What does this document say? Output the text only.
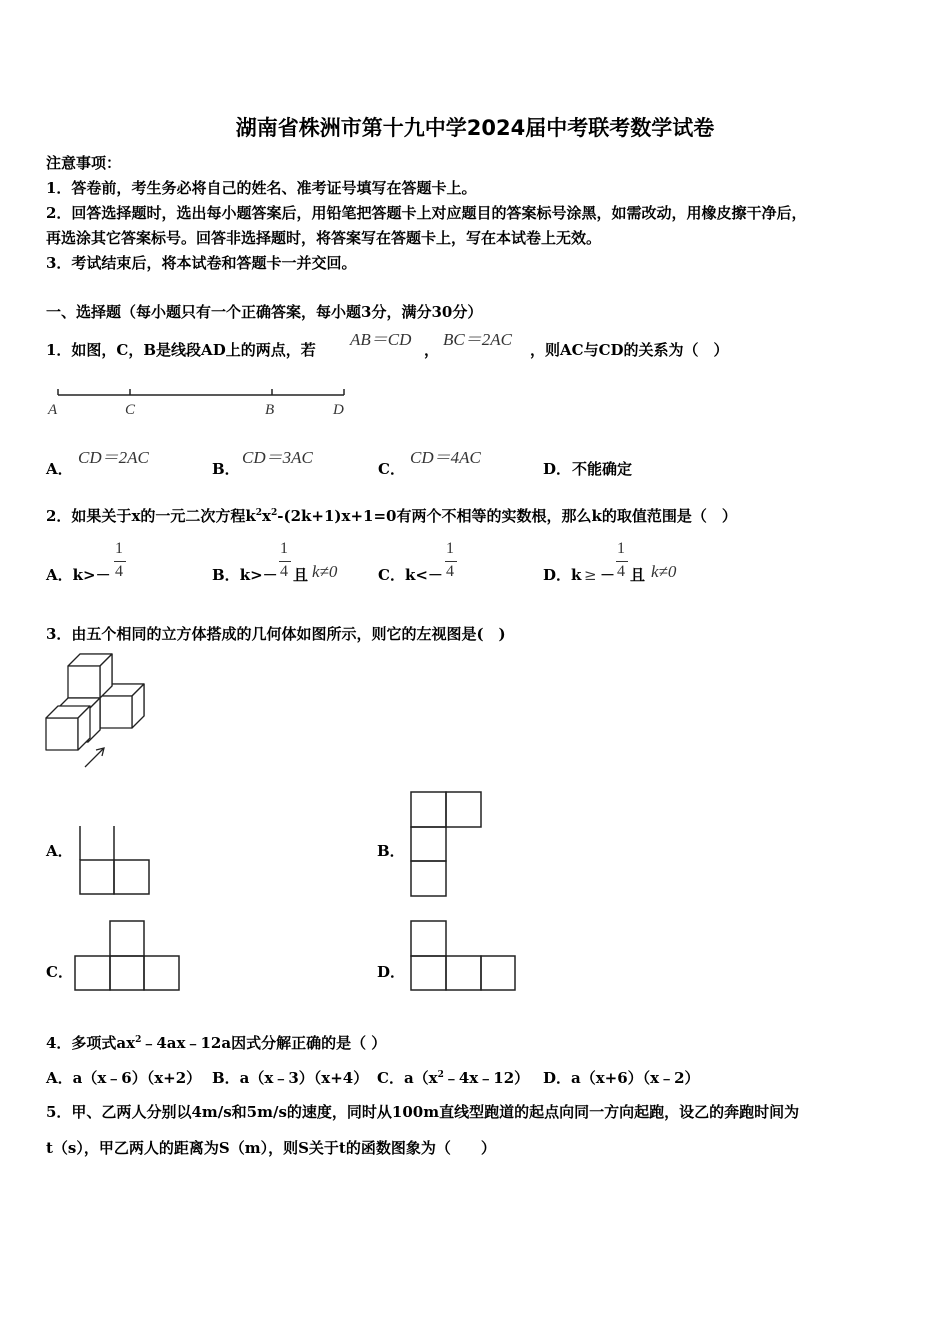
湖南省株洲市第十九中学2024届中考联考数学试卷
注意事项：
1．答卷前，考生务必将自己的姓名、准考证号填写在答题卡上。
2．回答选择题时，选出每小题答案后，用铅笔把答题卡上对应题目的答案标号涂黑，如需改动，用橡皮擦干净后，
再选涂其它答案标号。回答非选择题时，将答案写在答题卡上，写在本试卷上无效。
3．考试结束后，将本试卷和答题卡一并交回。
一、选择题（每小题只有一个正确答案，每小题3分，满分30分）
1．如图，C，B是线段AD上的两点，若
AB＝CD
，
BC＝2AC
，则AC与CD的关系为（　）
A	C	B	D
A．
CD＝2AC
B．
CD＝3AC
C．
CD＝4AC
D． 不能确定
2．如果关于x的一元二次方程$k^2x^2-(2k+1)x+1=0$有两个不相等的实数根，那么k的取值范围是（　）
A．k>－
1
4	B．k>－
1
4 且 k≠0	C．k<－
1
4	D．k ≥ －
1
4 且 k≠0
3．由五个相同的立方体搭成的几何体如图所示，则它的左视图是(　)
A．	B．
C．	D．
4．多项式$ax^2﹣4ax﹣12a$因式分解正确的是（ ）
A．a（x﹣6）（x+2） B．a（x﹣3）（x+4） C．$a(x^2﹣4x﹣12)$ D．a（x+6）（x﹣2）
5．甲、乙两人分别以4m/s和5m/s的速度，同时从100m直线型跑道的起点向同一方向起跑，设乙的奔跑时间为
t（s），甲乙两人的距离为S（m），则S关于t的函数图象为（　　）
